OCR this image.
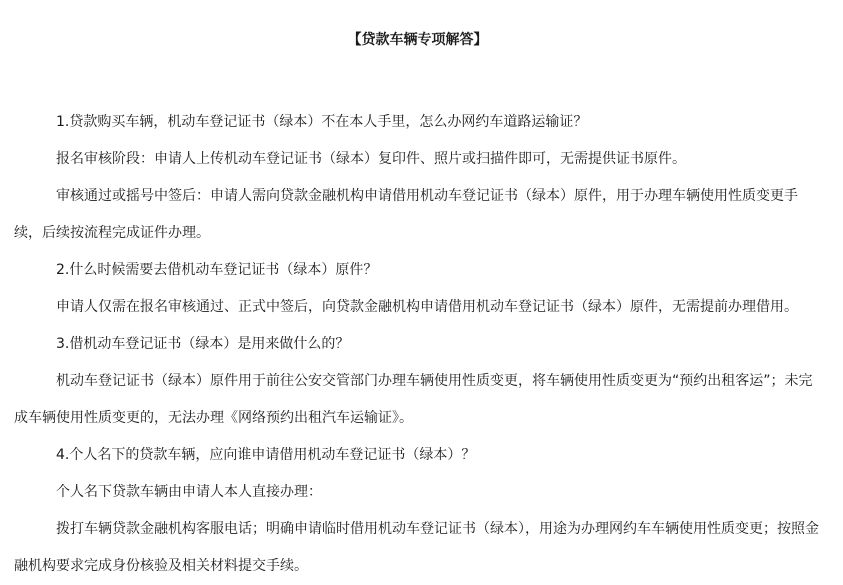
【贷款车辆专项解答】

1.贷款购买车辆，机动车登记证书（绿本）不在本人手里，怎么办网约车道路运输证？

报名审核阶段：申请人上传机动车登记证书（绿本）复印件、照片或扫描件即可，无需提供证书原件。

审核通过或摇号中签后：申请人需向贷款金融机构申请借用机动车登记证书（绿本）原件，用于办理车辆使用性质变更手续，后续按流程完成证件办理。

2.什么时候需要去借机动车登记证书（绿本）原件？

申请人仅需在报名审核通过、正式中签后，向贷款金融机构申请借用机动车登记证书（绿本）原件，无需提前办理借用。

3.借机动车登记证书（绿本）是用来做什么的？

机动车登记证书（绿本）原件用于前往公安交管部门办理车辆使用性质变更，将车辆使用性质变更为“预约出租客运”；未完成车辆使用性质变更的，无法办理《网络预约出租汽车运输证》。

4.个人名下的贷款车辆，应向谁申请借用机动车登记证书（绿本）？

个人名下贷款车辆由申请人本人直接办理：

拨打车辆贷款金融机构客服电话；明确申请临时借用机动车登记证书（绿本），用途为办理网约车车辆使用性质变更；按照金融机构要求完成身份核验及相关材料提交手续。
